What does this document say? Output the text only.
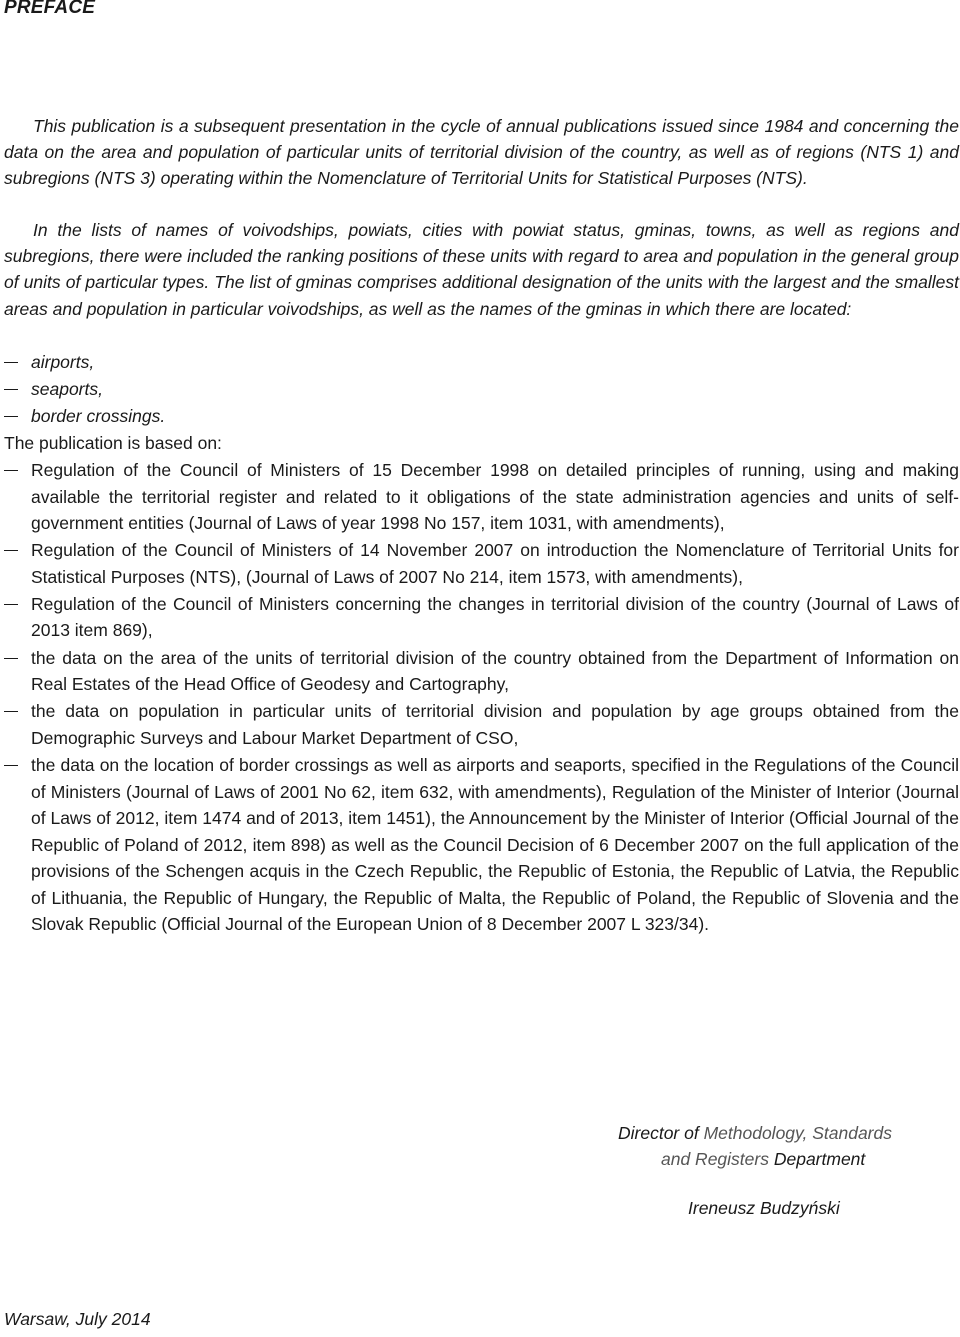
PREFACE

This publication is a subsequent presentation in the cycle of annual publications issued since 1984 and concerning the data on the area and population of particular units of territorial division of the country, as well as of regions (NTS 1) and subregions (NTS 3) operating within the Nomenclature of Territorial Units for Statistical Purposes (NTS).

In the lists of names of voivodships, powiats, cities with powiat status, gminas, towns, as well as regions and subregions, there were included the ranking positions of these units with regard to area and population in the general group of units of particular types. The list of gminas comprises additional designation of the units with the largest and the smallest areas and population in particular voivodships, as well as the names of the gminas in which there are located:

airports,
seaports,
border crossings.
The publication is based on:
Regulation of the Council of Ministers of 15 December 1998 on detailed principles of running, using and making available the territorial register and related to it obligations of the state administration agencies and units of self-government entities (Journal of Laws of year 1998 No 157, item 1031, with amendments),
Regulation of the Council of Ministers of 14 November 2007 on introduction the Nomenclature of Territorial Units for Statistical Purposes (NTS), (Journal of Laws of 2007 No 214, item 1573, with amendments),
Regulation of the Council of Ministers concerning the changes in territorial division of the country (Journal of Laws of 2013 item 869),
the data on the area of the units of territorial division of the country obtained from the Department of Information on Real Estates of the Head Office of Geodesy and Cartography,
the data on population in particular units of territorial division and population by age groups obtained from the Demographic Surveys and Labour Market Department of CSO,
the data on the location of border crossings as well as airports and seaports, specified in the Regulations of the Council of Ministers (Journal of Laws of 2001 No 62, item 632, with amendments), Regulation of the Minister of Interior (Journal of Laws of 2012, item 1474 and of 2013, item 1451), the Announcement by the Minister of Interior (Official Journal of the Republic of Poland of 2012, item 898) as well as the Council Decision of 6 December 2007 on the full application of the provisions of the Schengen acquis in the Czech Republic, the Republic of Estonia, the Republic of Latvia, the Republic of Lithuania, the Republic of Hungary, the Republic of Malta, the Republic of Poland, the Republic of Slovenia and the Slovak Republic (Official Journal of the European Union of 8 December 2007 L 323/34).
Director of Methodology, Standards
and Registers Department
Ireneusz Budzyński
Warsaw, July 2014
